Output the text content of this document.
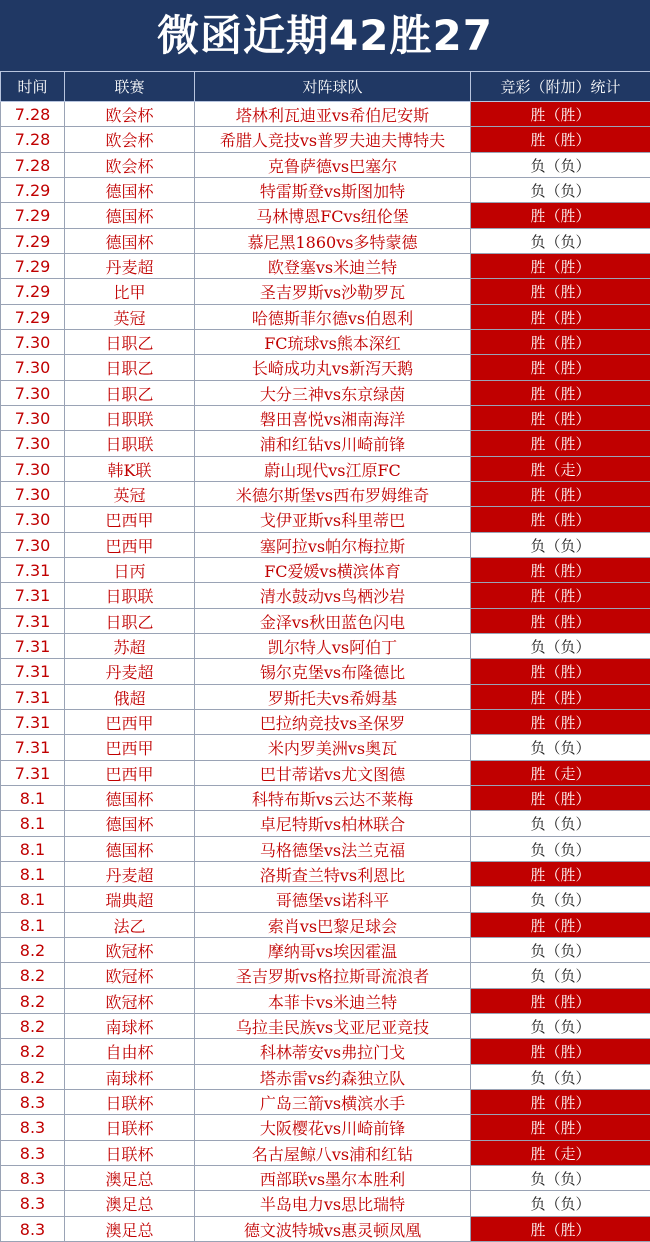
微函近期42胜27
时间	联赛	对阵球队	竞彩（附加）统计
7.28	欧会杯	塔林利瓦迪亚vs希伯尼安斯	胜（胜）
7.28	欧会杯	希腊人竞技vs普罗夫迪夫博特夫	胜（胜）
7.28	欧会杯	克鲁萨德vs巴塞尔	负（负）
7.29	德国杯	特雷斯登vs斯图加特	负（负）
7.29	德国杯	马林博恩FCvs纽伦堡	胜（胜）
7.29	德国杯	慕尼黑1860vs多特蒙德	负（负）
7.29	丹麦超	欧登塞vs米迪兰特	胜（胜）
7.29	比甲	圣吉罗斯vs沙勒罗瓦	胜（胜）
7.29	英冠	哈德斯菲尔德vs伯恩利	胜（胜）
7.30	日职乙	FC琉球vs熊本深红	胜（胜）
7.30	日职乙	长崎成功丸vs新泻天鹅	胜（胜）
7.30	日职乙	大分三神vs东京绿茵	胜（胜）
7.30	日职联	磐田喜悦vs湘南海洋	胜（胜）
7.30	日职联	浦和红钻vs川崎前锋	胜（胜）
7.30	韩K联	蔚山现代vs江原FC	胜（走）
7.30	英冠	米德尔斯堡vs西布罗姆维奇	胜（胜）
7.30	巴西甲	戈伊亚斯vs科里蒂巴	胜（胜）
7.30	巴西甲	塞阿拉vs帕尔梅拉斯	负（负）
7.31	日丙	FC爱媛vs横滨体育	胜（胜）
7.31	日职联	清水鼓动vs鸟栖沙岩	胜（胜）
7.31	日职乙	金泽vs秋田蓝色闪电	胜（胜）
7.31	苏超	凯尔特人vs阿伯丁	负（负）
7.31	丹麦超	锡尔克堡vs布隆德比	胜（胜）
7.31	俄超	罗斯托夫vs希姆基	胜（胜）
7.31	巴西甲	巴拉纳竞技vs圣保罗	胜（胜）
7.31	巴西甲	米内罗美洲vs奥瓦	负（负）
7.31	巴西甲	巴甘蒂诺vs尤文图德	胜（走）
8.1	德国杯	科特布斯vs云达不莱梅	胜（胜）
8.1	德国杯	卓尼特斯vs柏林联合	负（负）
8.1	德国杯	马格德堡vs法兰克福	负（负）
8.1	丹麦超	洛斯查兰特vs利恩比	胜（胜）
8.1	瑞典超	哥德堡vs诺科平	负（负）
8.1	法乙	索肖vs巴黎足球会	胜（胜）
8.2	欧冠杯	摩纳哥vs埃因霍温	负（负）
8.2	欧冠杯	圣吉罗斯vs格拉斯哥流浪者	负（负）
8.2	欧冠杯	本菲卡vs米迪兰特	胜（胜）
8.2	南球杯	乌拉圭民族vs戈亚尼亚竞技	负（负）
8.2	自由杯	科林蒂安vs弗拉门戈	胜（胜）
8.2	南球杯	塔赤雷vs约森独立队	负（负）
8.3	日联杯	广岛三箭vs横滨水手	胜（胜）
8.3	日联杯	大阪樱花vs川崎前锋	胜（胜）
8.3	日联杯	名古屋鲸八vs浦和红钻	胜（走）
8.3	澳足总	西部联vs墨尔本胜利	负（负）
8.3	澳足总	半岛电力vs思比瑞特	负（负）
8.3	澳足总	德文波特城vs惠灵顿凤凰	胜（胜）
